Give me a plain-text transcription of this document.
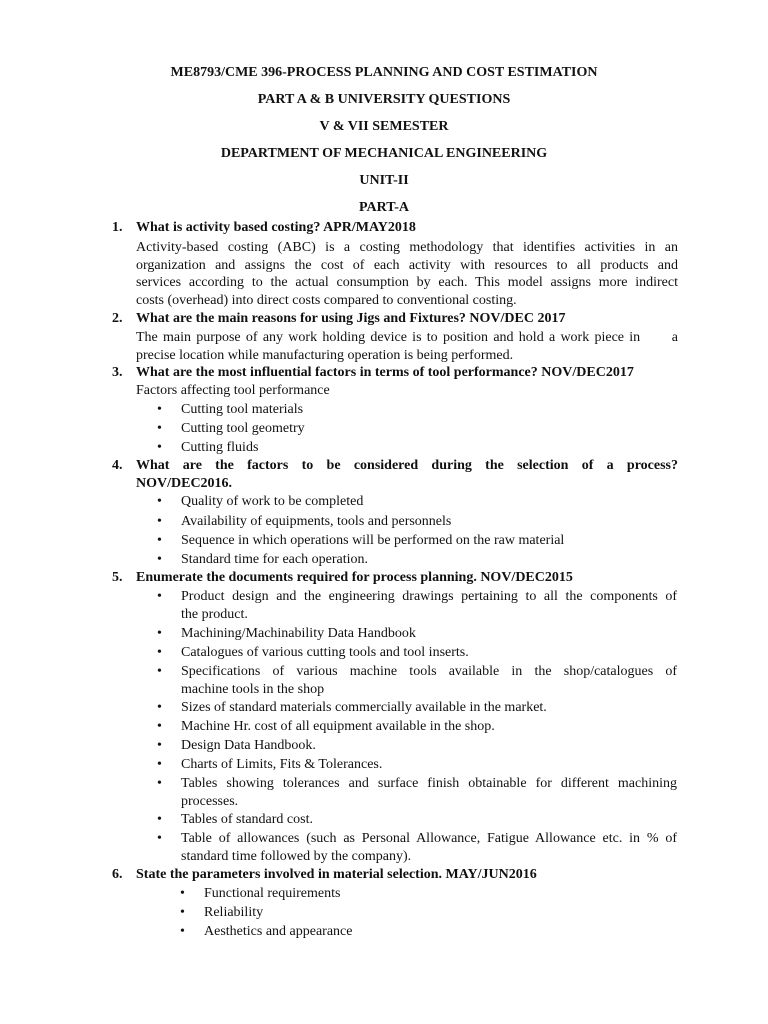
ME8793/CME 396-PROCESS PLANNING AND COST ESTIMATION
PART A & B UNIVERSITY QUESTIONS
V & VII SEMESTER
DEPARTMENT OF MECHANICAL ENGINEERING
UNIT-II
PART-A
1. What is activity based costing? APR/MAY2018
Activity-based costing (ABC) is a costing methodology that identifies activities in an
organization and assigns the cost of each activity with resources to all products and
services according to the actual consumption by each. This model assigns more indirect
costs (overhead) into direct costs compared to conventional costing.
2. What are the main reasons for using Jigs and Fixtures? NOV/DEC 2017
The main purpose of any work holding device is to position and hold a work piece in      a
precise location while manufacturing operation is being performed.
3. What are the most influential factors in terms of tool performance? NOV/DEC2017
Factors affecting tool performance
•	Cutting tool materials
•	Cutting tool geometry
•	Cutting fluids
4. What are the factors to be considered during the selection of a process?
NOV/DEC2016.
•	Quality of work to be completed
•	Availability of equipments, tools and personnels
•	Sequence in which operations will be performed on the raw material
•	Standard time for each operation.
5. Enumerate the documents required for process planning. NOV/DEC2015
•	Product design and the engineering drawings pertaining to all the components of
the product.
•	Machining/Machinability Data Handbook
•	Catalogues of various cutting tools and tool inserts.
•	Specifications of various machine tools available in the shop/catalogues of
machine tools in the shop
•	Sizes of standard materials commercially available in the market.
•	Machine Hr. cost of all equipment available in the shop.
•	Design Data Handbook.
•	Charts of Limits, Fits & Tolerances.
•	Tables showing tolerances and surface finish obtainable for different machining
processes.
•	Tables of standard cost.
•	Table of allowances (such as Personal Allowance, Fatigue Allowance etc. in % of
standard time followed by the company).
6. State the parameters involved in material selection. MAY/JUN2016
•	Functional requirements
•	Reliability
•	Aesthetics and appearance
